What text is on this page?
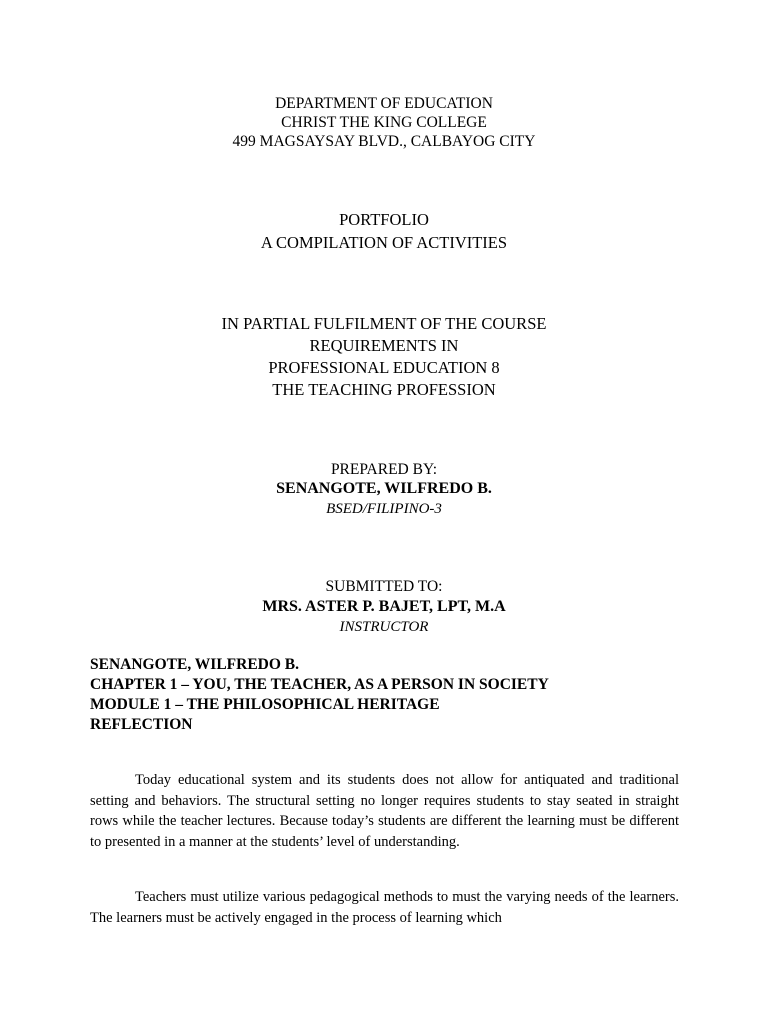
DEPARTMENT OF EDUCATION
CHRIST THE KING COLLEGE
499 MAGSAYSAY BLVD., CALBAYOG CITY
PORTFOLIO
A COMPILATION OF ACTIVITIES
IN PARTIAL FULFILMENT OF THE COURSE
REQUIREMENTS IN
PROFESSIONAL EDUCATION 8
THE TEACHING PROFESSION
PREPARED BY:
SENANGOTE, WILFREDO B.
BSED/FILIPINO-3
SUBMITTED TO:
MRS. ASTER P. BAJET, LPT, M.A
INSTRUCTOR
SENANGOTE, WILFREDO B.
CHAPTER 1 – YOU, THE TEACHER, AS A PERSON IN SOCIETY
MODULE 1 – THE PHILOSOPHICAL HERITAGE
REFLECTION

Today educational system and its students does not allow for antiquated and traditional setting and behaviors. The structural setting no longer requires students to stay seated in straight rows while the teacher lectures. Because today’s students are different the learning must be different to presented in a manner at the students’ level of understanding.

Teachers must utilize various pedagogical methods to must the varying needs of the learners. The learners must be actively engaged in the process of learning which
